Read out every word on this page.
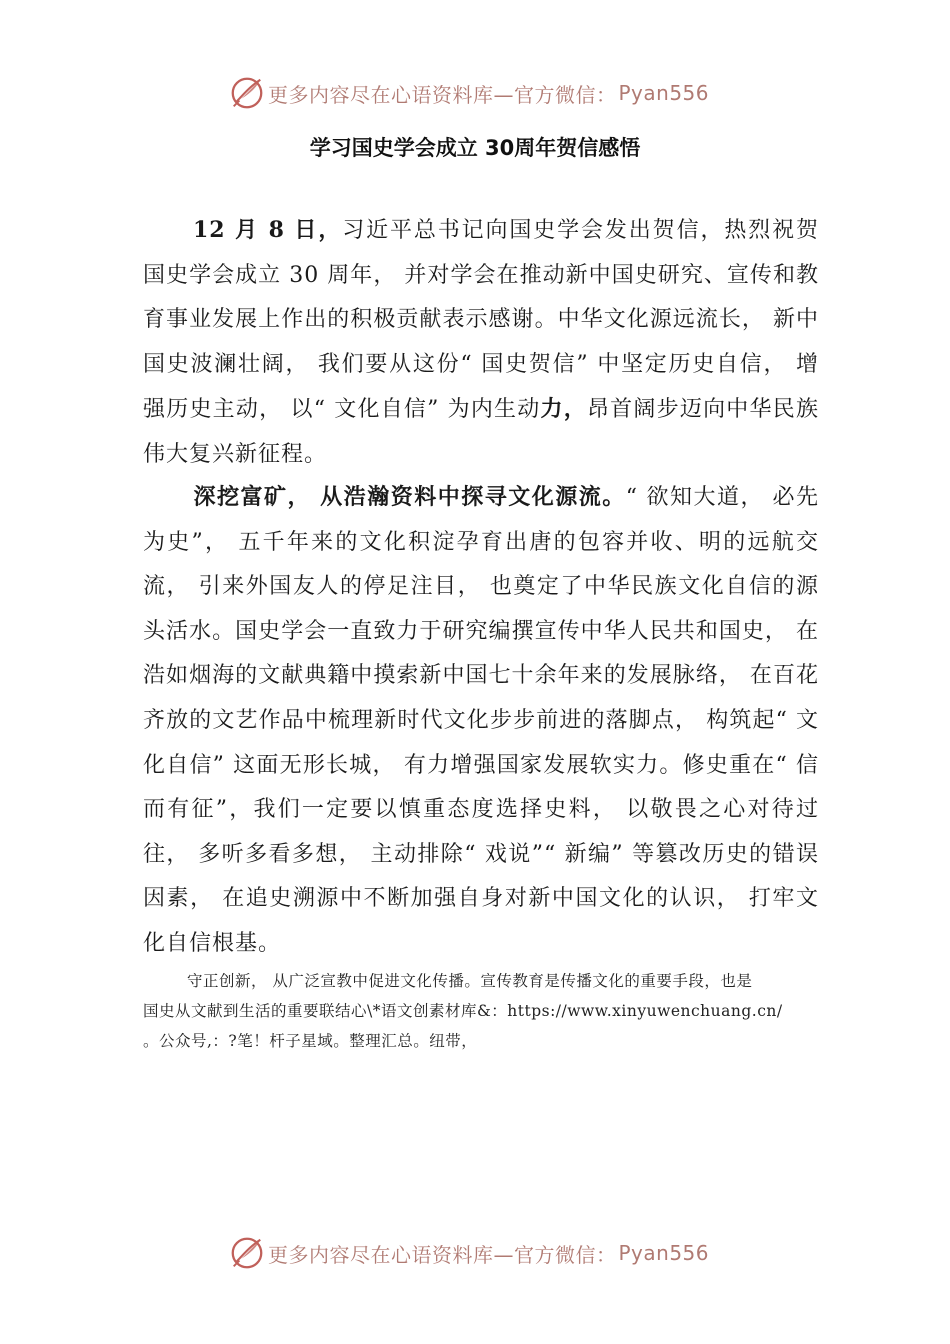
更多内容尽在心语资料库—官方微信： Pyan556
学习国史学会成立 30周年贺信感悟
12 月 8 日，习近平总书记向国史学会发出贺信，热烈祝贺国史学会成立 30 周年， 并对学会在推动新中国史研究、宣传和教育事业发展上作出的积极贡献表示感谢。中华文化源远流长， 新中国史波澜壮阔， 我们要从这份“ 国史贺信” 中坚定历史自信， 增强历史主动， 以“ 文化自信” 为内生动力，昂首阔步迈向中华民族伟大复兴新征程。
深挖富矿， 从浩瀚资料中探寻文化源流。“ 欲知大道， 必先为史”， 五千年来的文化积淀孕育出唐的包容并收、明的远航交流， 引来外国友人的停足注目， 也奠定了中华民族文化自信的源头活水。国史学会一直致力于研究编撰宣传中华人民共和国史， 在浩如烟海的文献典籍中摸索新中国七十余年来的发展脉络， 在百花齐放的文艺作品中梳理新时代文化步步前进的落脚点， 构筑起“ 文化自信” 这面无形长城， 有力增强国家发展软实力。修史重在“ 信而有征”，我们一定要以慎重态度选择史料， 以敬畏之心对待过往， 多听多看多想， 主动排除“ 戏说”“ 新编” 等篡改历史的错误因素， 在追史溯源中不断加强自身对新中国文化的认识， 打牢文化自信根基。
守正创新， 从广泛宣教中促进文化传播。宣传教育是传播文化的重要手段，也是
国史从文献到生活的重要联结心\*语文创素材库&：https://www.xinyuwenchuang.cn/
。公众号,：?笔！杆子星域。整理汇总。纽带，
更多内容尽在心语资料库—官方微信： Pyan556
